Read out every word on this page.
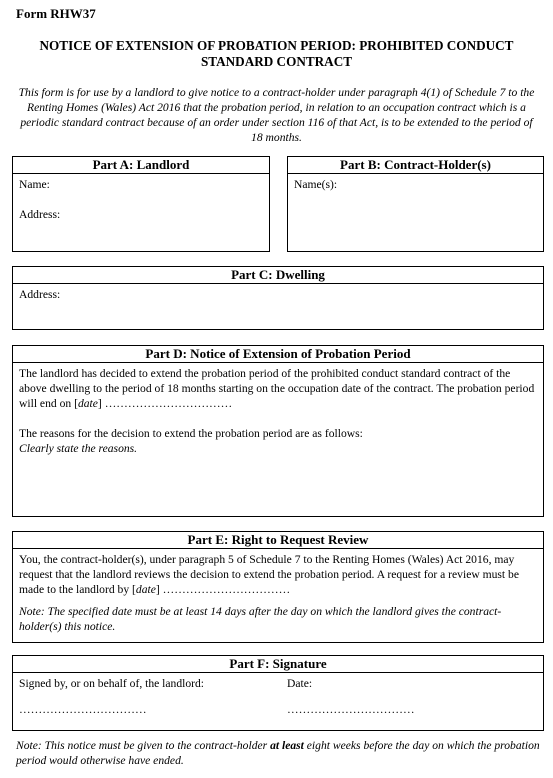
Form RHW37
NOTICE OF EXTENSION OF PROBATION PERIOD: PROHIBITED CONDUCT STANDARD CONTRACT
This form is for use by a landlord to give notice to a contract-holder under paragraph 4(1) of Schedule 7 to the Renting Homes (Wales) Act 2016 that the probation period, in relation to an occupation contract which is a periodic standard contract because of an order under section 116 of that Act, is to be extended to the period of 18 months.
Part A: Landlord
Name:
Address:
Part B: Contract-Holder(s)
Name(s):
Part C: Dwelling
Address:
Part D: Notice of Extension of Probation Period
The landlord has decided to extend the probation period of the prohibited conduct standard contract of the above dwelling to the period of 18 months starting on the occupation date of the contract. The probation period will end on [date] ……………………………
The reasons for the decision to extend the probation period are as follows:
Clearly state the reasons.
Part E: Right to Request Review
You, the contract-holder(s), under paragraph 5 of Schedule 7 to the Renting Homes (Wales) Act 2016, may request that the landlord reviews the decision to extend the probation period. A request for a review must be made to the landlord by [date] ……………………………
Note: The specified date must be at least 14 days after the day on which the landlord gives the contract-holder(s) this notice.
Part F: Signature
Signed by, or on behalf of, the landlord:	Date:
……………………………	……………………………
Note: This notice must be given to the contract-holder at least eight weeks before the day on which the probation period would otherwise have ended.
